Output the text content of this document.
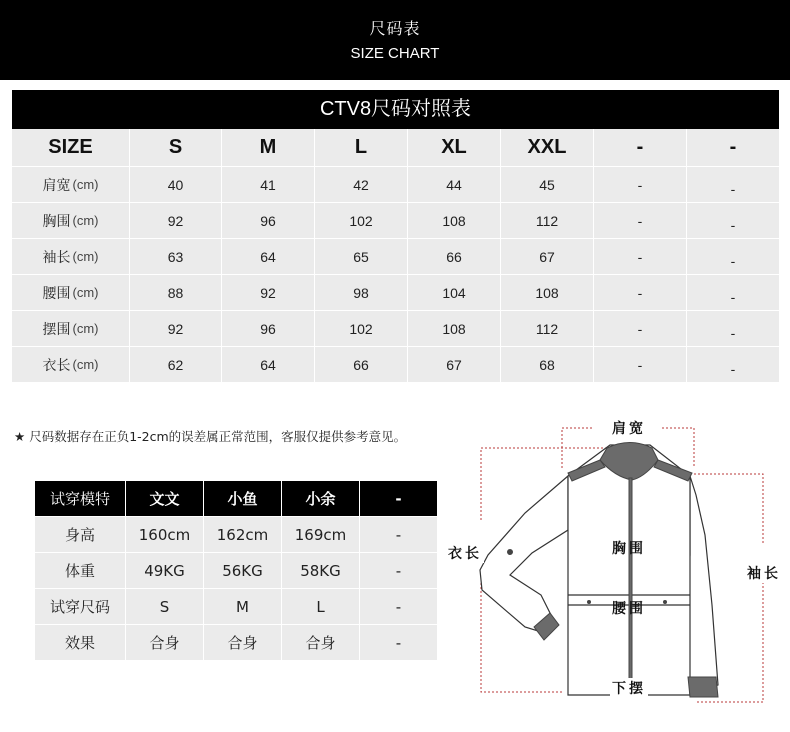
尺码表
SIZE CHART
CTV8尺码对照表
SIZE	S	M	L	XL	XXL	-	-
肩宽 (cm)	40	41	42	44	45	-	-
胸围 (cm)	92	96	102	108	112	-	-
袖长 (cm)	63	64	65	66	67	-	-
腰围 (cm)	88	92	98	104	108	-	-
摆围 (cm)	92	96	102	108	112	-	-
衣长 (cm)	62	64	66	67	68	-	-
★ 尺码数据存在正负1-2cm的误差属正常范围，客服仅提供参考意见。
试穿模特	文文	小鱼	小余	-
身高	160cm	162cm	169cm	-
体重	49KG	56KG	58KG	-
试穿尺码	S	M	L	-
效果	合身	合身	合身	-
肩宽
衣长	胸围
袖长
腰围
下摆
